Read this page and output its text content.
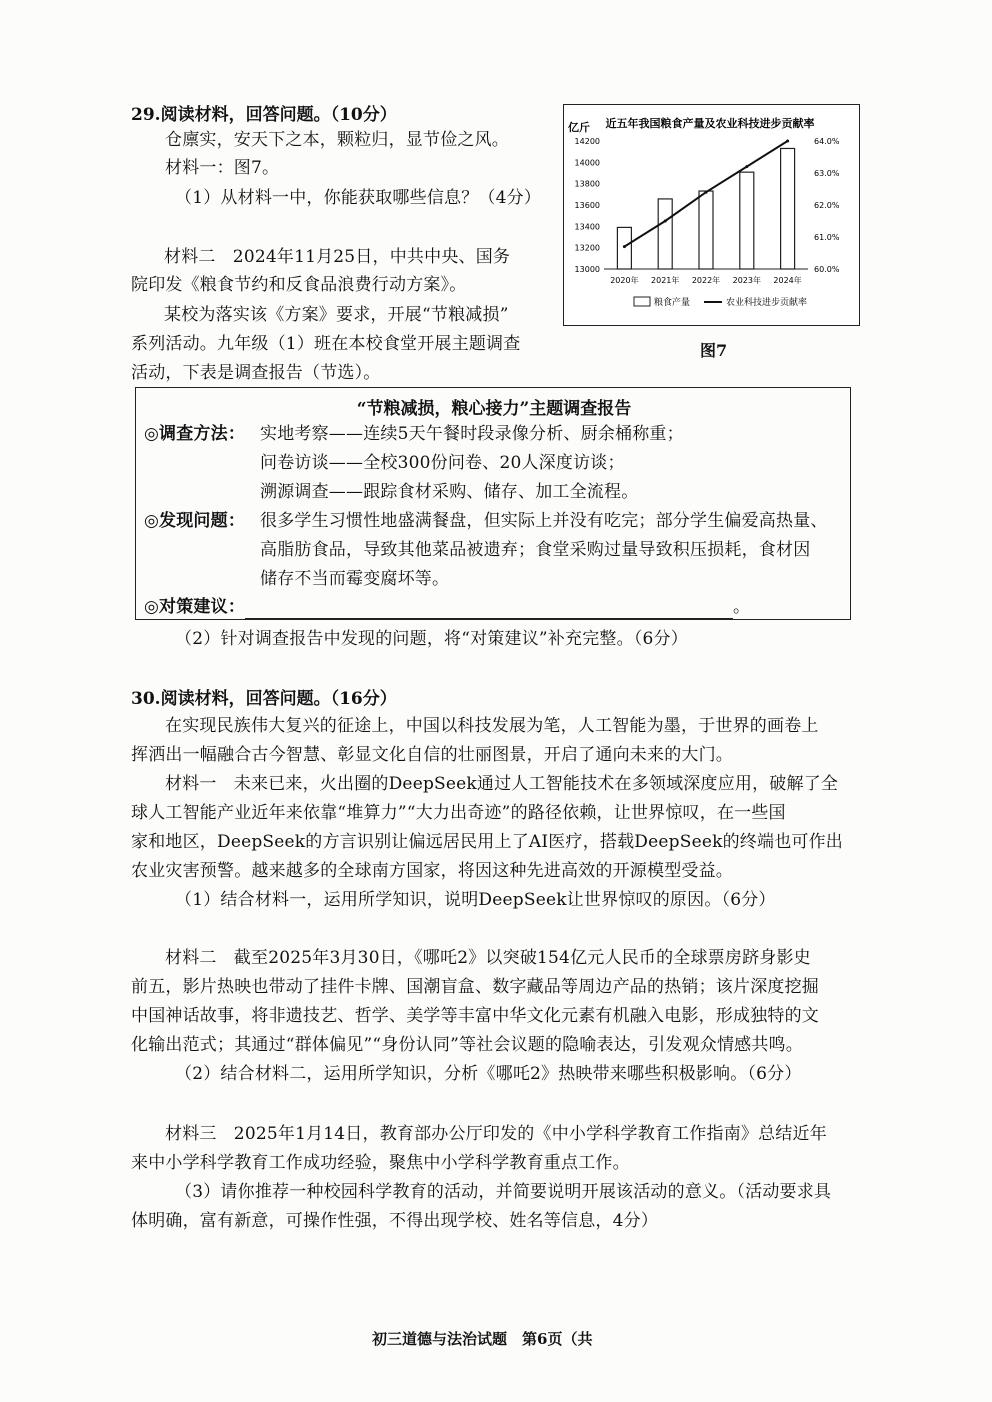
29.阅读材料，回答问题。（10分）
仓廪实，安天下之本，颗粒归，显节俭之风。
材料一：图7。
（1）从材料一中，你能获取哪些信息？（4分）
材料二　2024年11月25日，中共中央、国务
院印发《粮食节约和反食品浪费行动方案》。
某校为落实该《方案》要求，开展“节粮减损”
系列活动。九年级（1）班在本校食堂开展主题调查
活动，下表是调查报告（节选）。
近五年我国粮食产量及农业科技进步贡献率
亿斤
14200
14000
13800
13600
13400
13200
13000
64.0%
63.0%
62.0%
61.0%
60.0%
2020年 2021年 2022年 2023年 2024年
粮食产量	农业科技进步贡献率
图7
“节粮减损，粮心接力”主题调查报告
◎调查方法： 实地考察——连续5天午餐时段录像分析、厨余桶称重；
问卷访谈——全校300份问卷、20人深度访谈；
溯源调查——跟踪食材采购、储存、加工全流程。
◎发现问题： 很多学生习惯性地盛满餐盘，但实际上并没有吃完；部分学生偏爱高热量、
高脂肪食品，导致其他菜品被遗弃；食堂采购过量导致积压损耗，食材因
储存不当而霉变腐坏等。
◎对策建议：	。
（2）针对调查报告中发现的问题，将“对策建议”补充完整。（6分）
30.阅读材料，回答问题。（16分）
在实现民族伟大复兴的征途上，中国以科技发展为笔，人工智能为墨，于世界的画卷上
挥洒出一幅融合古今智慧、彰显文化自信的壮丽图景，开启了通向未来的大门。
材料一　未来已来，火出圈的DeepSeek通过人工智能技术在多领域深度应用，破解了全
球人工智能产业近年来依靠“堆算力”“大力出奇迹”的路径依赖，让世界惊叹，在一些国
家和地区，DeepSeek的方言识别让偏远居民用上了AI医疗，搭载DeepSeek的终端也可作出
农业灾害预警。越来越多的全球南方国家，将因这种先进高效的开源模型受益。
（1）结合材料一，运用所学知识，说明DeepSeek让世界惊叹的原因。（6分）
材料二　截至2025年3月30日，《哪吒2》以突破154亿元人民币的全球票房跻身影史
前五，影片热映也带动了挂件卡牌、国潮盲盒、数字藏品等周边产品的热销；该片深度挖掘
中国神话故事，将非遗技艺、哲学、美学等丰富中华文化元素有机融入电影，形成独特的文
化输出范式；其通过“群体偏见”“身份认同”等社会议题的隐喻表达，引发观众情感共鸣。
（2）结合材料二，运用所学知识，分析《哪吒2》热映带来哪些积极影响。（6分）
材料三　2025年1月14日，教育部办公厅印发的《中小学科学教育工作指南》总结近年
来中小学科学教育工作成功经验，聚焦中小学科学教育重点工作。
（3）请你推荐一种校园科学教育的活动，并简要说明开展该活动的意义。（活动要求具
体明确，富有新意，可操作性强，不得出现学校、姓名等信息，4分）
初三道德与法治试题　第6页（共
